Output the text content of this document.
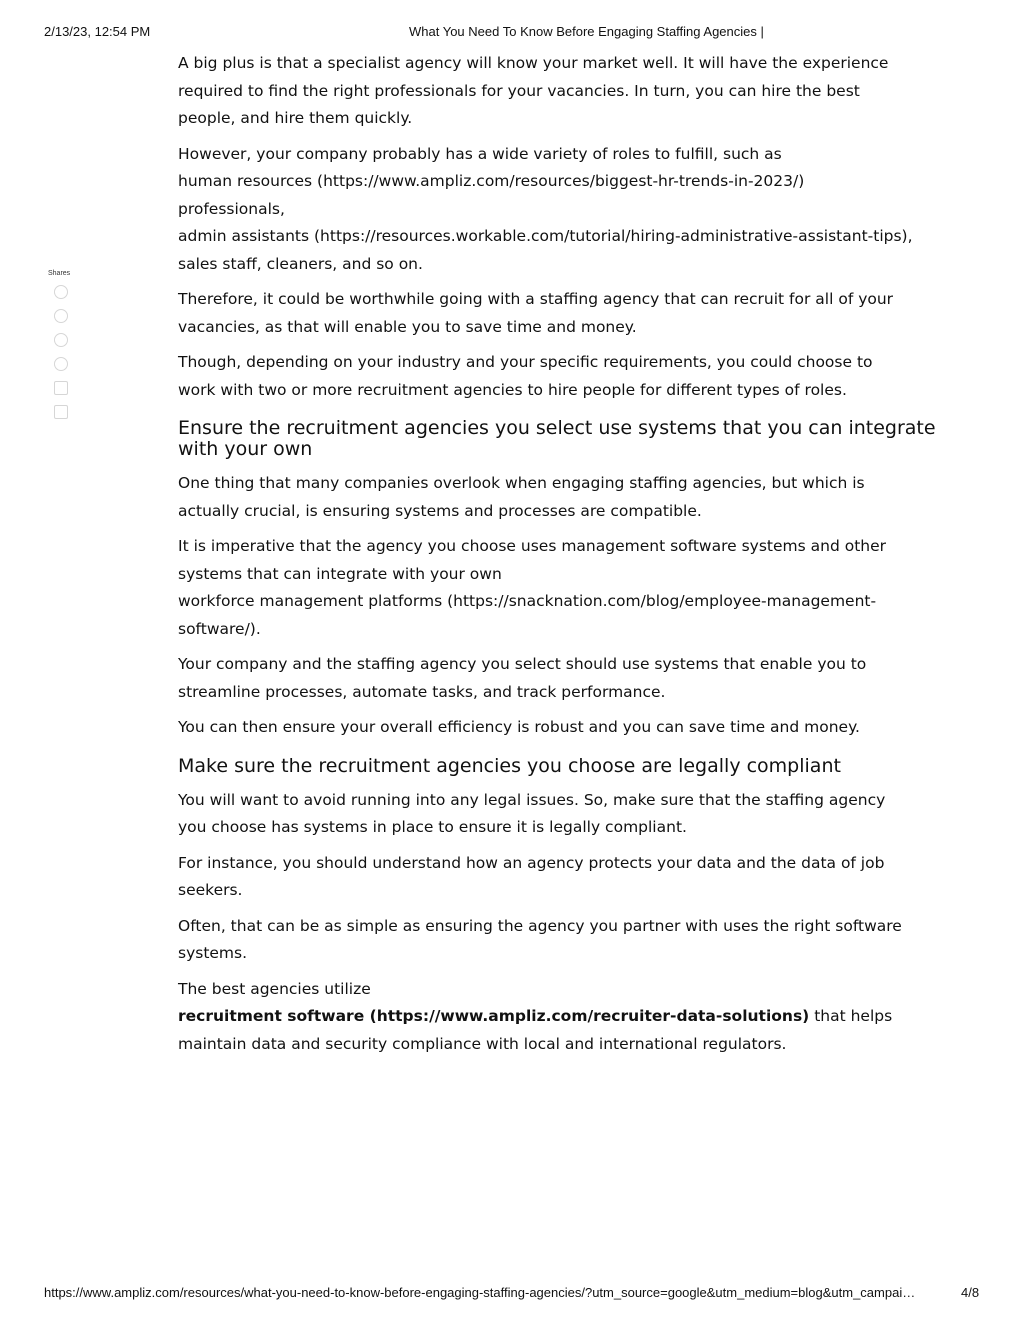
2/13/23, 12:54 PM	What You Need To Know Before Engaging Staffing Agencies |
Shares

A big plus is that a specialist agency will know your market well. It will have the experience
required to find the right professionals for your vacancies. In turn, you can hire the best
people, and hire them quickly.

However, your company probably has a wide variety of roles to fulfill, such as
human resources (https://www.ampliz.com/resources/biggest-hr-trends-in-2023/)
professionals,
admin assistants (https://resources.workable.com/tutorial/hiring-administrative-assistant-tips),
sales staff, cleaners, and so on.

Therefore, it could be worthwhile going with a staffing agency that can recruit for all of your
vacancies, as that will enable you to save time and money.

Though, depending on your industry and your specific requirements, you could choose to
work with two or more recruitment agencies to hire people for different types of roles.

Ensure the recruitment agencies you select use systems that you can integrate
with your own

One thing that many companies overlook when engaging staffing agencies, but which is
actually crucial, is ensuring systems and processes are compatible.

It is imperative that the agency you choose uses management software systems and other
systems that can integrate with your own
workforce management platforms (https://snacknation.com/blog/employee-management-software/).

Your company and the staffing agency you select should use systems that enable you to
streamline processes, automate tasks, and track performance.

You can then ensure your overall efficiency is robust and you can save time and money.

Make sure the recruitment agencies you choose are legally compliant

You will want to avoid running into any legal issues. So, make sure that the staffing agency
you choose has systems in place to ensure it is legally compliant.

For instance, you should understand how an agency protects your data and the data of job
seekers.

Often, that can be as simple as ensuring the agency you partner with uses the right software
systems.

The best agencies utilize
recruitment software (https://www.ampliz.com/recruiter-data-solutions) that helps
maintain data and security compliance with local and international regulators.

https://www.ampliz.com/resources/what-you-need-to-know-before-engaging-staffing-agencies/?utm_source=google&utm_medium=blog&utm_campai…	4/8
